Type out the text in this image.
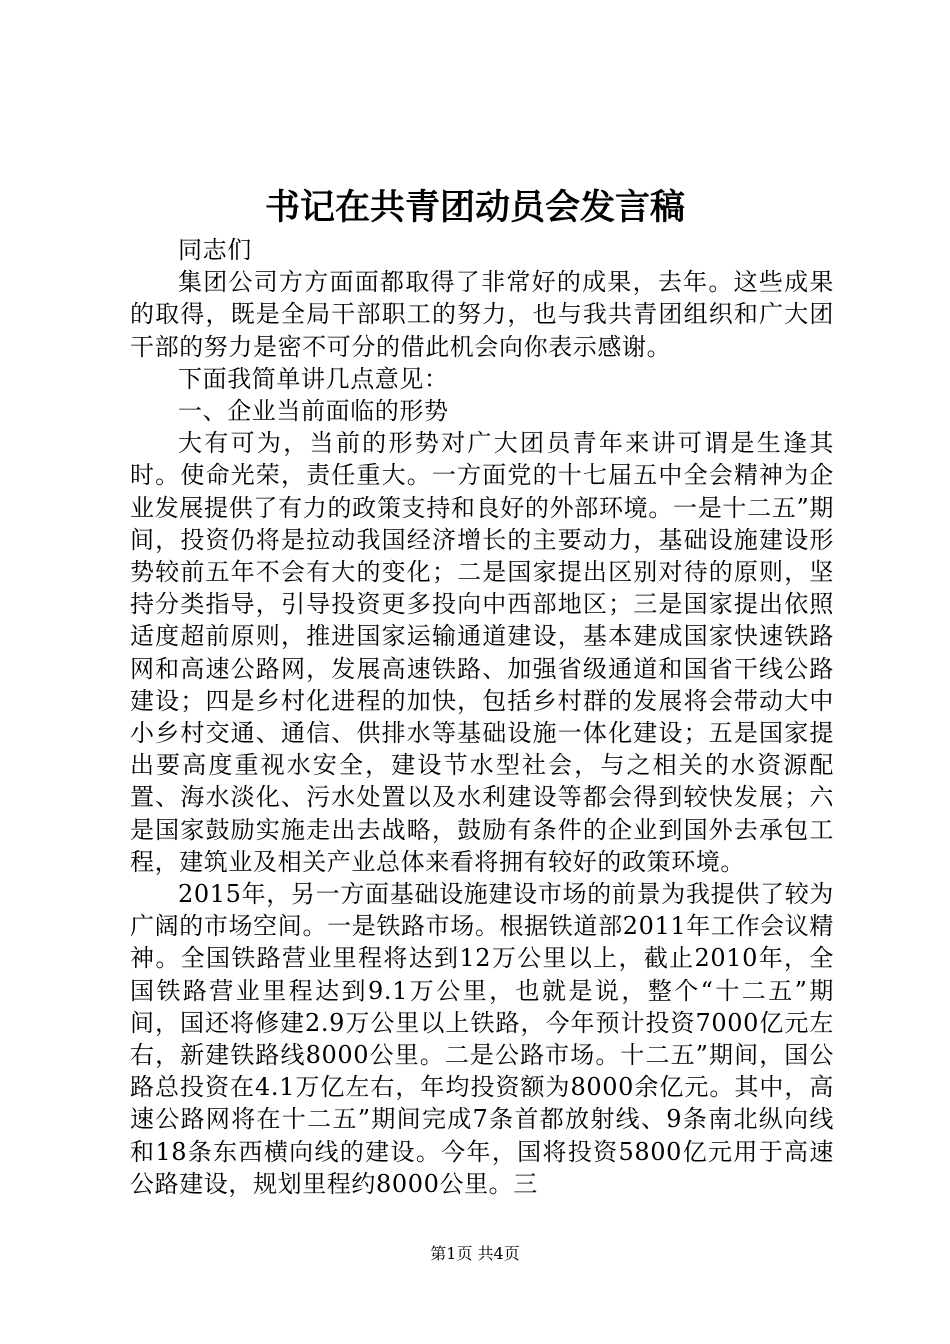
书记在共青团动员会发言稿

同志们

集团公司方方面面都取得了非常好的成果，去年。这些成果的取得，既是全局干部职工的努力，也与我共青团组织和广大团干部的努力是密不可分的借此机会向你表示感谢。

下面我简单讲几点意见：

一、企业当前面临的形势

大有可为，当前的形势对广大团员青年来讲可谓是生逢其时。使命光荣，责任重大。一方面党的十七届五中全会精神为企业发展提供了有力的政策支持和良好的外部环境。一是十二五”期间，投资仍将是拉动我国经济增长的主要动力，基础设施建设形势较前五年不会有大的变化；二是国家提出区别对待的原则，坚持分类指导，引导投资更多投向中西部地区；三是国家提出依照适度超前原则，推进国家运输通道建设，基本建成国家快速铁路网和高速公路网，发展高速铁路、加强省级通道和国省干线公路建设；四是乡村化进程的加快，包括乡村群的发展将会带动大中小乡村交通、通信、供排水等基础设施一体化建设；五是国家提出要高度重视水安全，建设节水型社会，与之相关的水资源配置、海水淡化、污水处置以及水利建设等都会得到较快发展；六是国家鼓励实施走出去战略，鼓励有条件的企业到国外去承包工程，建筑业及相关产业总体来看将拥有较好的政策环境。

2015年，另一方面基础设施建设市场的前景为我提供了较为广阔的市场空间。一是铁路市场。根据铁道部2011年工作会议精神。全国铁路营业里程将达到12万公里以上，截止2010年，全国铁路营业里程达到9.1万公里，也就是说，整个“十二五”期间，国还将修建2.9万公里以上铁路，今年预计投资7000亿元左右，新建铁路线8000公里。二是公路市场。十二五”期间，国公路总投资在4.1万亿左右，年均投资额为8000余亿元。其中，高速公路网将在十二五”期间完成7条首都放射线、9条南北纵向线和18条东西横向线的建设。今年，国将投资5800亿元用于高速公路建设，规划里程约8000公里。三

第1页 共4页
